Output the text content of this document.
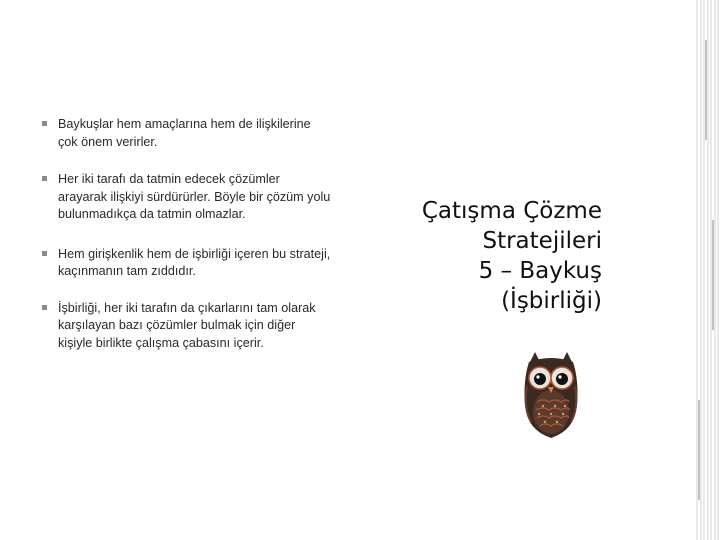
Baykuşlar hem amaçlarına hem de ilişkilerine çok önem verirler.
Her iki tarafı da tatmin edecek çözümler arayarak ilişkiyi sürdürürler. Böyle bir çözüm yolu bulunmadıkça da tatmin olmazlar.
Hem girişkenlik hem de işbirliği içeren bu strateji, kaçınmanın tam zıddıdır.
İşbirliği, her iki tarafın da çıkarlarını tam olarak karşılayan bazı çözümler bulmak için diğer kişiyle birlikte çalışma çabasını içerir.
Çatışma Çözme
Stratejileri
5 – Baykuş
(İşbirliği)
